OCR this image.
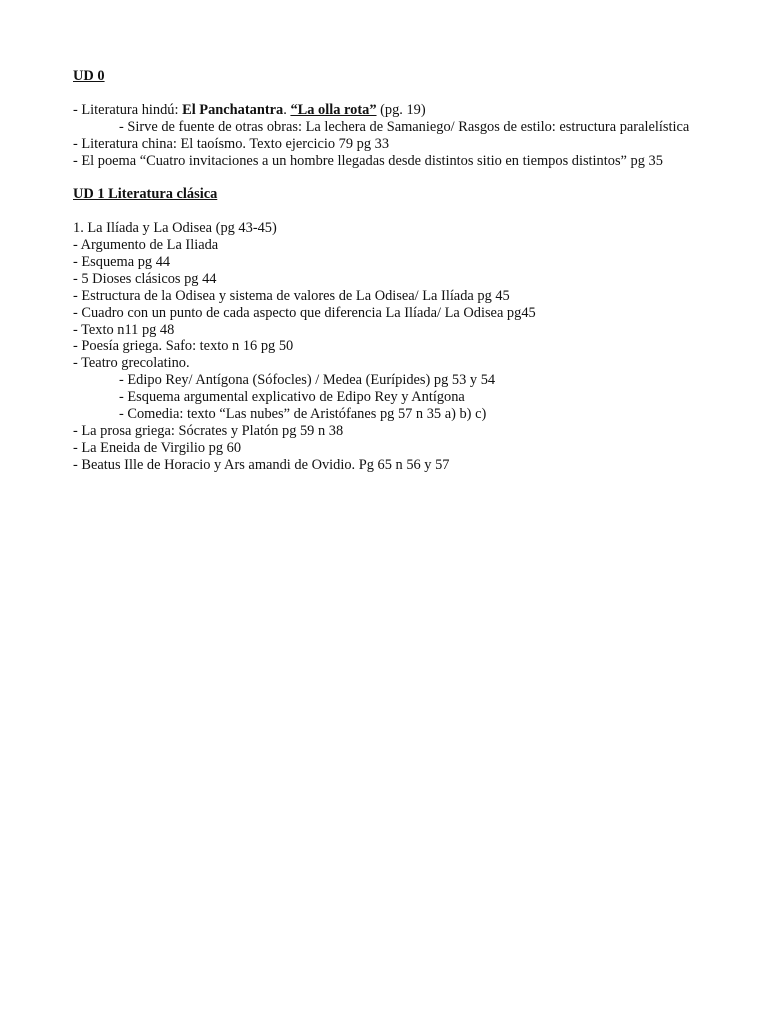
UD 0

- Literatura hindú: El Panchatantra. “La olla rota” (pg. 19)

- Sirve de fuente de otras obras: La lechera de Samaniego/ Rasgos de estilo: estructura paralelística

- Literatura china: El taoísmo. Texto ejercicio 79 pg 33

- El poema “Cuatro invitaciones a un hombre llegadas desde distintos sitio en tiempos distintos” pg 35

UD 1 Literatura clásica

1. La Ilíada y La Odisea (pg 43-45)

- Argumento de La Iliada

- Esquema pg 44

- 5 Dioses clásicos pg 44

- Estructura de la Odisea y sistema de valores de La Odisea/ La Ilíada pg 45

- Cuadro con un punto de cada aspecto que diferencia La Ilíada/ La Odisea pg45

- Texto n11 pg 48

- Poesía griega. Safo: texto n 16 pg 50

- Teatro grecolatino.

- Edipo Rey/ Antígona (Sófocles) / Medea (Eurípides) pg 53 y 54

- Esquema argumental explicativo de Edipo Rey y Antígona

- Comedia: texto “Las nubes” de Aristófanes pg 57 n 35 a) b) c)

- La prosa griega: Sócrates y Platón pg 59 n 38

- La Eneida de Virgilio pg 60

- Beatus Ille de Horacio y Ars amandi de Ovidio. Pg 65 n 56 y 57
